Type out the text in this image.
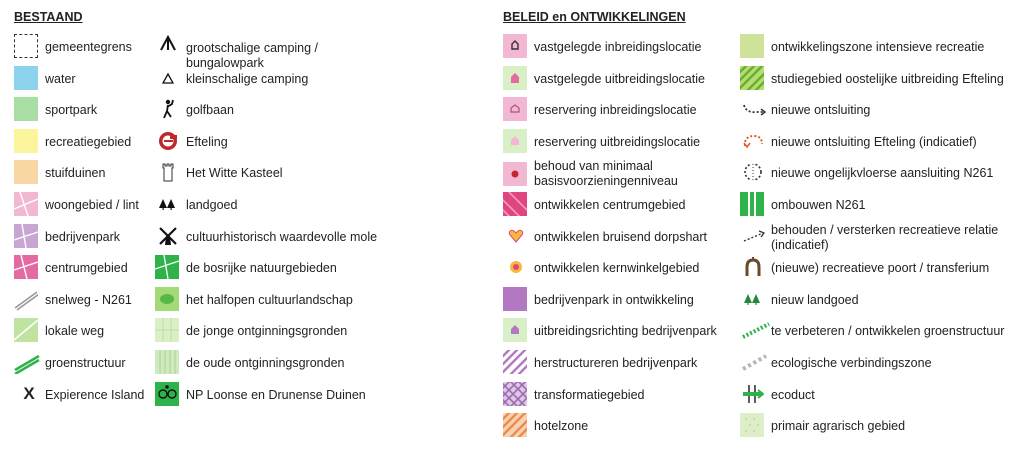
BESTAAND	BELEID en ONTWIKKELINGEN
gemeentegrens
water
sportpark
recreatiegebied
stuifduinen
woongebied / lint
bedrijvenpark
centrumgebied
snelweg - N261
lokale weg
groenstructuur
X Expierence Island
grootschalige camping / bungalowpark
kleinschalige camping
golfbaan
Efteling
Het Witte Kasteel
landgoed
cultuurhistorisch waardevolle mole
de bosrijke natuurgebieden
het halfopen cultuurlandschap
de jonge ontginningsgronden
de oude ontginningsgronden
NP Loonse en Drunense Duinen
vastgelegde inbreidingslocatie
vastgelegde uitbreidingslocatie
reservering inbreidingslocatie
reservering uitbreidingslocatie
behoud van minimaal basisvoorzieningenniveau
ontwikkelen centrumgebied
ontwikkelen bruisend dorpshart
ontwikkelen kernwinkelgebied
bedrijvenpark in ontwikkeling
uitbreidingsrichting bedrijvenpark
herstructureren bedrijvenpark
transformatiegebied
hotelzone
ontwikkelingszone intensieve recreatie
studiegebied oostelijke uitbreiding Efteling
nieuwe ontsluiting
nieuwe ontsluiting Efteling (indicatief)
nieuwe ongelijkvloerse aansluiting N261
ombouwen N261
behouden / versterken recreatieve relatie (indicatief)
(nieuwe) recreatieve poort / transferium
nieuw landgoed
te verbeteren / ontwikkelen groenstructuur
ecologische verbindingszone
ecoduct
primair agrarisch gebied
